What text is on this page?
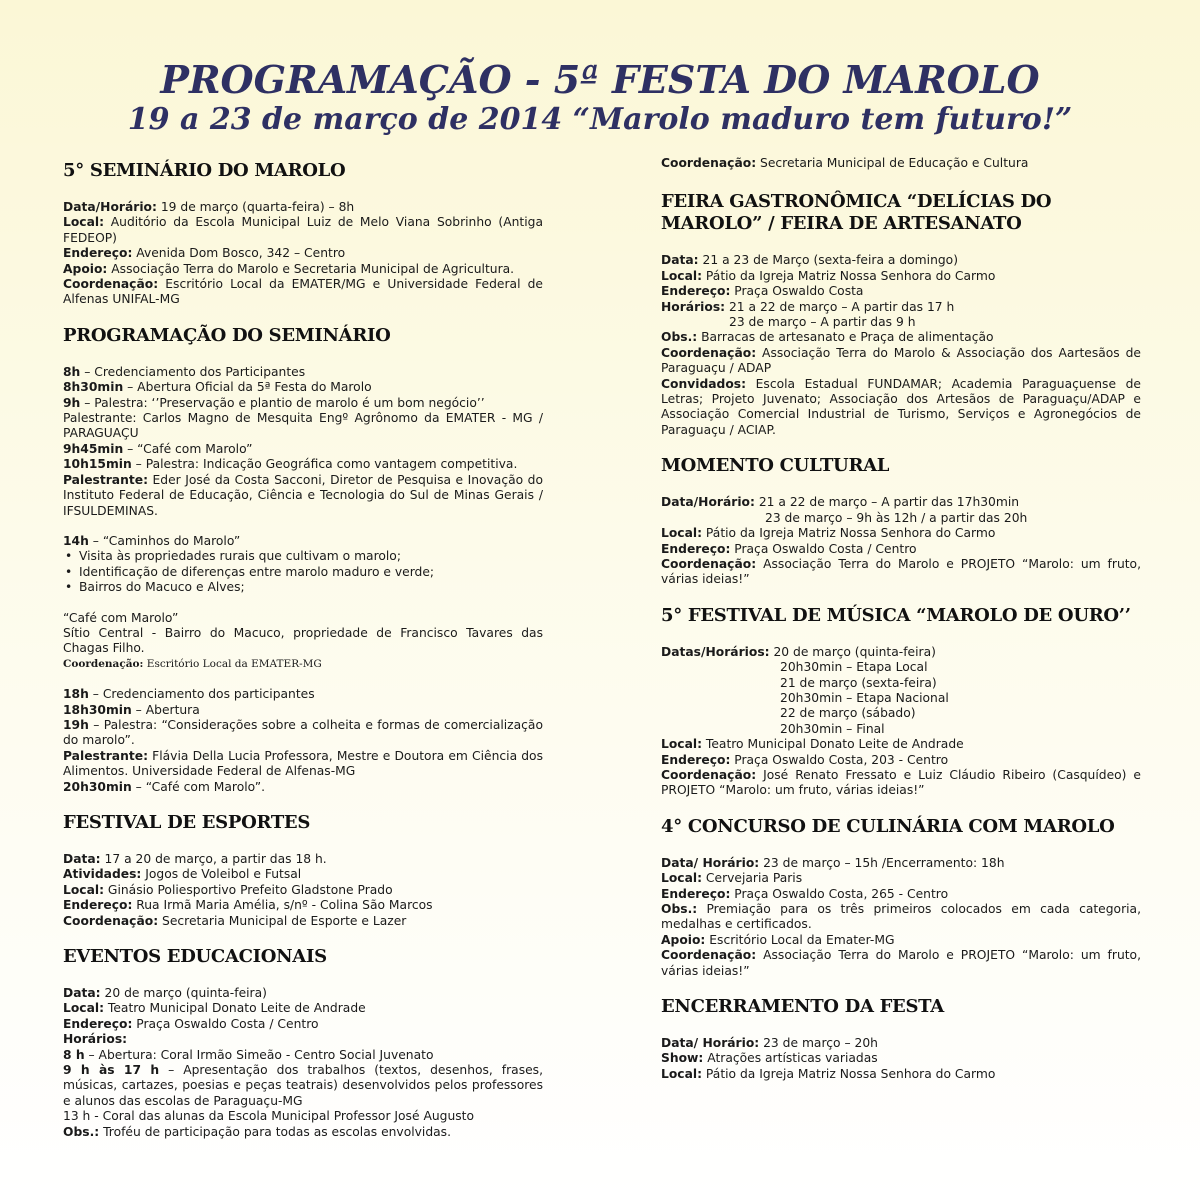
PROGRAMAÇÃO - 5ª FESTA DO MAROLO
19 a 23 de março de 2014 “Marolo maduro tem futuro!”
5° SEMINÁRIO DO MAROLO
Data/Horário: 19 de março (quarta-feira) – 8h
Local: Auditório da Escola Municipal Luiz de Melo Viana Sobrinho (Antiga FEDEOP)
Endereço: Avenida Dom Bosco, 342 – Centro
Apoio: Associação Terra do Marolo e Secretaria Municipal de Agricultura.
Coordenação: Escritório Local da EMATER/MG e Universidade Federal de Alfenas UNIFAL-MG
PROGRAMAÇÃO DO SEMINÁRIO
8h – Credenciamento dos Participantes
8h30min – Abertura Oficial da 5ª Festa do Marolo
9h – Palestra: ‘’Preservação e plantio de marolo é um bom negócio’’
Palestrante: Carlos Magno de Mesquita Engº Agrônomo da EMATER - MG / PARAGUAÇU
9h45min – “Café com Marolo”
10h15min – Palestra: Indicação Geográfica como vantagem competitiva.
Palestrante: Eder José da Costa Sacconi, Diretor de Pesquisa e Inovação do Instituto Federal de Educação, Ciência e Tecnologia do Sul de Minas Gerais / IFSULDEMINAS.
14h – “Caminhos do Marolo”
• Visita às propriedades rurais que cultivam o marolo;
• Identificação de diferenças entre marolo maduro e verde;
• Bairros do Macuco e Alves;
“Café com Marolo”
Sítio Central - Bairro do Macuco, propriedade de Francisco Tavares das Chagas Filho.
Coordenação: Escritório Local da EMATER-MG
18h – Credenciamento dos participantes
18h30min – Abertura
19h – Palestra: “Considerações sobre a colheita e formas de comercialização do marolo”.
Palestrante: Flávia Della Lucia Professora, Mestre e Doutora em Ciência dos Alimentos. Universidade Federal de Alfenas-MG
20h30min – “Café com Marolo”.
FESTIVAL DE ESPORTES
Data: 17 a 20 de março, a partir das 18 h.
Atividades: Jogos de Voleibol e Futsal
Local: Ginásio Poliesportivo Prefeito Gladstone Prado
Endereço: Rua Irmã Maria Amélia, s/nº - Colina São Marcos
Coordenação: Secretaria Municipal de Esporte e Lazer
EVENTOS EDUCACIONAIS
Data: 20 de março (quinta-feira)
Local: Teatro Municipal Donato Leite de Andrade
Endereço: Praça Oswaldo Costa / Centro
Horários:
8 h – Abertura: Coral Irmão Simeão - Centro Social Juvenato
9 h às 17 h – Apresentação dos trabalhos (textos, desenhos, frases, músicas, cartazes, poesias e peças teatrais) desenvolvidos pelos professores e alunos das escolas de Paraguaçu-MG
13 h - Coral das alunas da Escola Municipal Professor José Augusto
Obs.: Troféu de participação para todas as escolas envolvidas.
Coordenação: Secretaria Municipal de Educação e Cultura
FEIRA GASTRONÔMICA “DELÍCIAS DO MAROLO” / FEIRA DE ARTESANATO
Data: 21 a 23 de Março (sexta-feira a domingo)
Local: Pátio da Igreja Matriz Nossa Senhora do Carmo
Endereço: Praça Oswaldo Costa
Horários: 21 a 22 de março – A partir das 17 h
23 de março – A partir das 9 h
Obs.: Barracas de artesanato e Praça de alimentação
Coordenação: Associação Terra do Marolo & Associação dos Aartesãos de Paraguaçu / ADAP
Convidados: Escola Estadual FUNDAMAR; Academia Paraguaçuense de Letras; Projeto Juvenato; Associação dos Artesãos de Paraguaçu/ADAP e Associação Comercial Industrial de Turismo, Serviços e Agronegócios de Paraguaçu / ACIAP.
MOMENTO CULTURAL
Data/Horário: 21 a 22 de março – A partir das 17h30min
23 de março – 9h às 12h / a partir das 20h
Local: Pátio da Igreja Matriz Nossa Senhora do Carmo
Endereço: Praça Oswaldo Costa / Centro
Coordenação: Associação Terra do Marolo e PROJETO “Marolo: um fruto, várias ideias!”
5° FESTIVAL DE MÚSICA “MAROLO DE OURO’’
Datas/Horários: 20 de março (quinta-feira)
20h30min – Etapa Local
21 de março (sexta-feira)
20h30min – Etapa Nacional
22 de março (sábado)
20h30min – Final
Local: Teatro Municipal Donato Leite de Andrade
Endereço: Praça Oswaldo Costa, 203 - Centro
Coordenação: José Renato Fressato e Luiz Cláudio Ribeiro (Casquídeo) e PROJETO “Marolo: um fruto, várias ideias!”
4° CONCURSO DE CULINÁRIA COM MAROLO
Data/ Horário: 23 de março – 15h /Encerramento: 18h
Local: Cervejaria Paris
Endereço: Praça Oswaldo Costa, 265 - Centro
Obs.: Premiação para os três primeiros colocados em cada categoria, medalhas e certificados.
Apoio: Escritório Local da Emater-MG
Coordenação: Associação Terra do Marolo e PROJETO “Marolo: um fruto, várias ideias!”
ENCERRAMENTO DA FESTA
Data/ Horário: 23 de março – 20h
Show: Atrações artísticas variadas
Local: Pátio da Igreja Matriz Nossa Senhora do Carmo
